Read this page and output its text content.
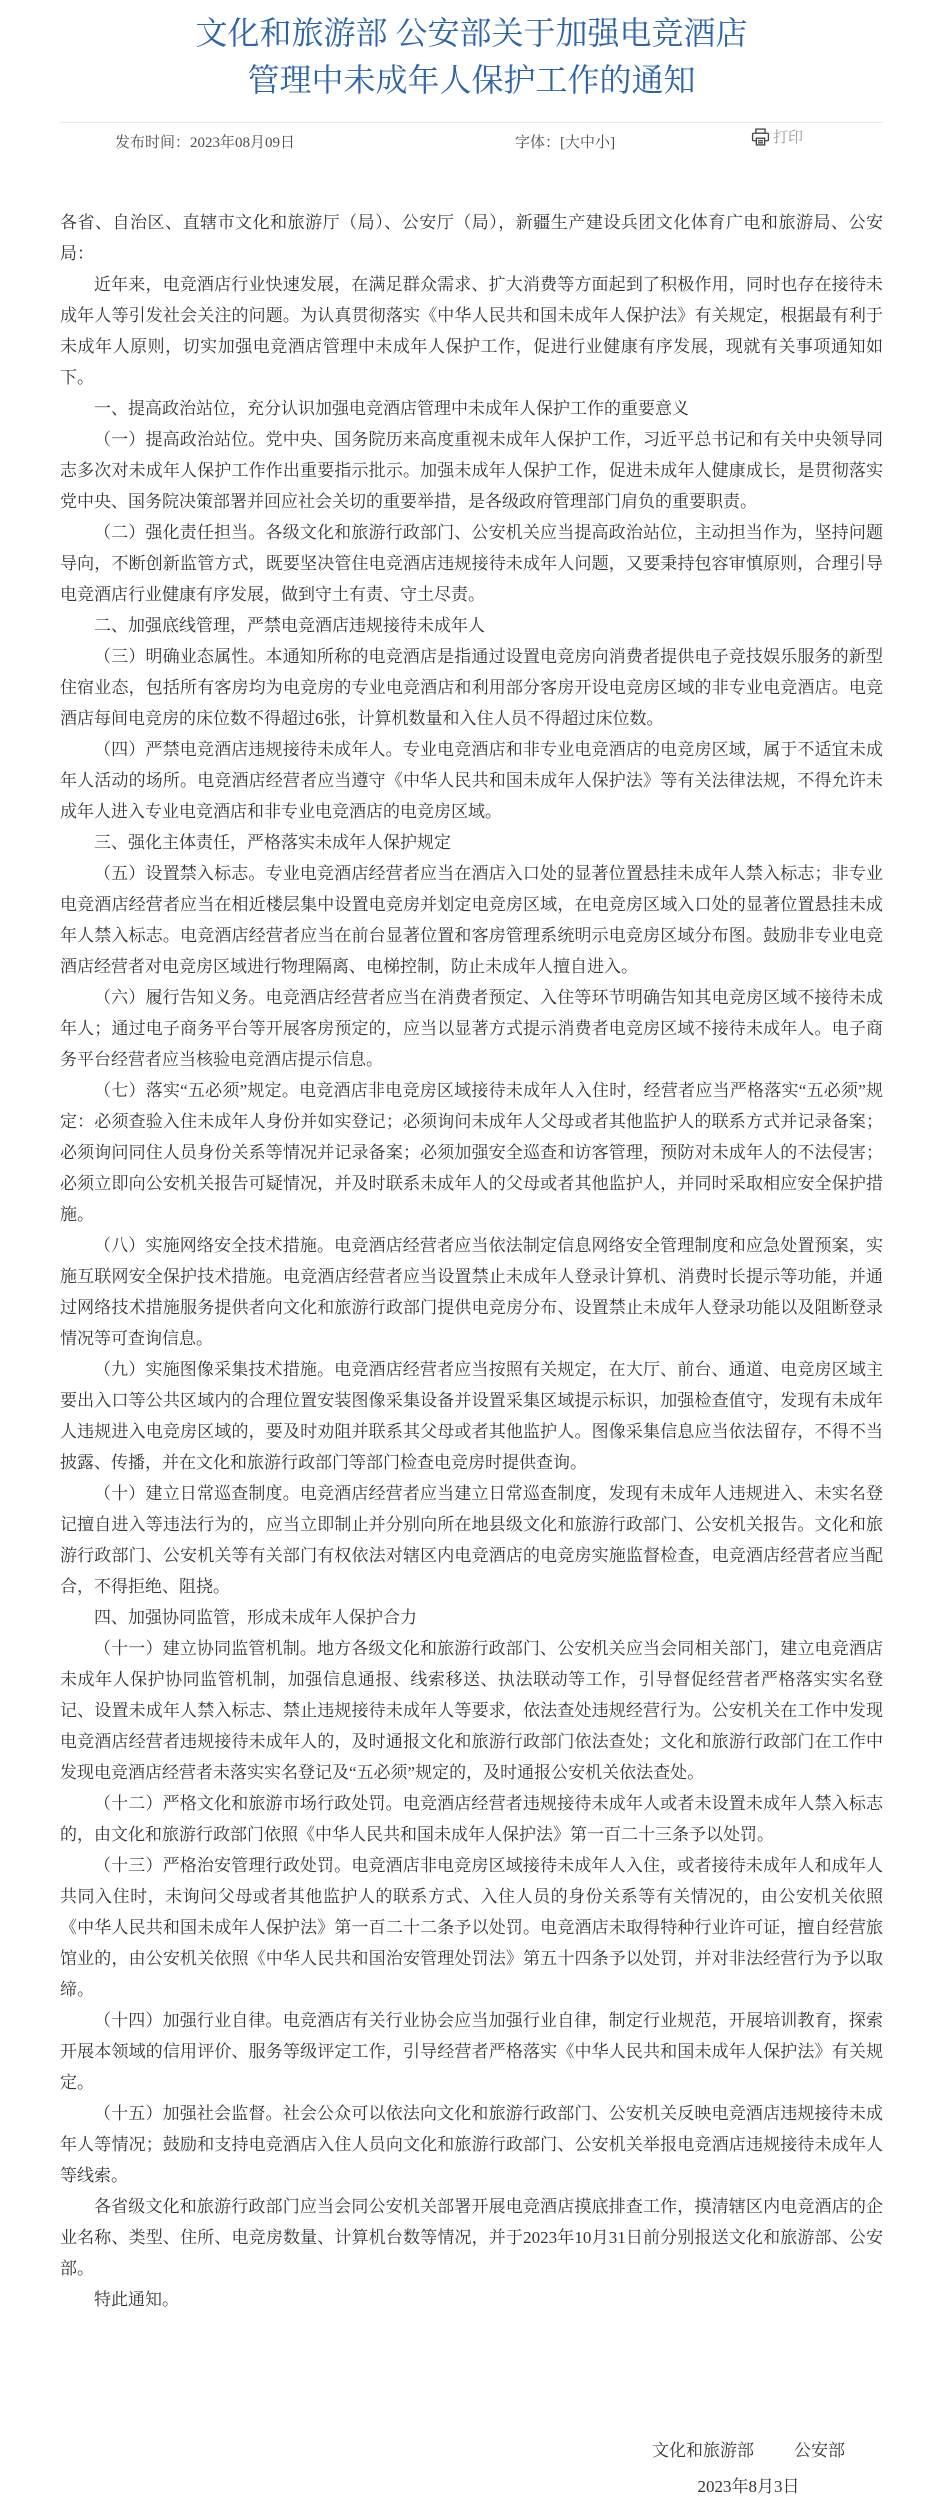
文化和旅游部 公安部关于加强电竞酒店
管理中未成年人保护工作的通知
发布时间：2023年08月09日	字体：[大中小]	打印

各省、自治区、直辖市文化和旅游厅（局）、公安厅（局），新疆生产建设兵团文化体育广电和旅游局、公安局：

近年来，电竞酒店行业快速发展，在满足群众需求、扩大消费等方面起到了积极作用，同时也存在接待未成年人等引发社会关注的问题。为认真贯彻落实《中华人民共和国未成年人保护法》有关规定，根据最有利于未成年人原则，切实加强电竞酒店管理中未成年人保护工作，促进行业健康有序发展，现就有关事项通知如下。

一、提高政治站位，充分认识加强电竞酒店管理中未成年人保护工作的重要意义

（一）提高政治站位。党中央、国务院历来高度重视未成年人保护工作，习近平总书记和有关中央领导同志多次对未成年人保护工作作出重要指示批示。加强未成年人保护工作，促进未成年人健康成长，是贯彻落实党中央、国务院决策部署并回应社会关切的重要举措，是各级政府管理部门肩负的重要职责。

（二）强化责任担当。各级文化和旅游行政部门、公安机关应当提高政治站位，主动担当作为，坚持问题导向，不断创新监管方式，既要坚决管住电竞酒店违规接待未成年人问题，又要秉持包容审慎原则，合理引导电竞酒店行业健康有序发展，做到守土有责、守土尽责。

二、加强底线管理，严禁电竞酒店违规接待未成年人

（三）明确业态属性。本通知所称的电竞酒店是指通过设置电竞房向消费者提供电子竞技娱乐服务的新型住宿业态，包括所有客房均为电竞房的专业电竞酒店和利用部分客房开设电竞房区域的非专业电竞酒店。电竞酒店每间电竞房的床位数不得超过6张，计算机数量和入住人员不得超过床位数。

（四）严禁电竞酒店违规接待未成年人。专业电竞酒店和非专业电竞酒店的电竞房区域，属于不适宜未成年人活动的场所。电竞酒店经营者应当遵守《中华人民共和国未成年人保护法》等有关法律法规，不得允许未成年人进入专业电竞酒店和非专业电竞酒店的电竞房区域。

三、强化主体责任，严格落实未成年人保护规定

（五）设置禁入标志。专业电竞酒店经营者应当在酒店入口处的显著位置悬挂未成年人禁入标志；非专业电竞酒店经营者应当在相近楼层集中设置电竞房并划定电竞房区域，在电竞房区域入口处的显著位置悬挂未成年人禁入标志。电竞酒店经营者应当在前台显著位置和客房管理系统明示电竞房区域分布图。鼓励非专业电竞酒店经营者对电竞房区域进行物理隔离、电梯控制，防止未成年人擅自进入。

（六）履行告知义务。电竞酒店经营者应当在消费者预定、入住等环节明确告知其电竞房区域不接待未成年人；通过电子商务平台等开展客房预定的，应当以显著方式提示消费者电竞房区域不接待未成年人。电子商务平台经营者应当核验电竞酒店提示信息。

（七）落实“五必须”规定。电竞酒店非电竞房区域接待未成年人入住时，经营者应当严格落实“五必须”规定：必须查验入住未成年人身份并如实登记；必须询问未成年人父母或者其他监护人的联系方式并记录备案；必须询问同住人员身份关系等情况并记录备案；必须加强安全巡查和访客管理，预防对未成年人的不法侵害；必须立即向公安机关报告可疑情况，并及时联系未成年人的父母或者其他监护人，并同时采取相应安全保护措施。

（八）实施网络安全技术措施。电竞酒店经营者应当依法制定信息网络安全管理制度和应急处置预案，实施互联网安全保护技术措施。电竞酒店经营者应当设置禁止未成年人登录计算机、消费时长提示等功能，并通过网络技术措施服务提供者向文化和旅游行政部门提供电竞房分布、设置禁止未成年人登录功能以及阻断登录情况等可查询信息。

（九）实施图像采集技术措施。电竞酒店经营者应当按照有关规定，在大厅、前台、通道、电竞房区域主要出入口等公共区域内的合理位置安装图像采集设备并设置采集区域提示标识，加强检查值守，发现有未成年人违规进入电竞房区域的，要及时劝阻并联系其父母或者其他监护人。图像采集信息应当依法留存，不得不当披露、传播，并在文化和旅游行政部门等部门检查电竞房时提供查询。

（十）建立日常巡查制度。电竞酒店经营者应当建立日常巡查制度，发现有未成年人违规进入、未实名登记擅自进入等违法行为的，应当立即制止并分别向所在地县级文化和旅游行政部门、公安机关报告。文化和旅游行政部门、公安机关等有关部门有权依法对辖区内电竞酒店的电竞房实施监督检查，电竞酒店经营者应当配合，不得拒绝、阻挠。

四、加强协同监管，形成未成年人保护合力

（十一）建立协同监管机制。地方各级文化和旅游行政部门、公安机关应当会同相关部门，建立电竞酒店未成年人保护协同监管机制，加强信息通报、线索移送、执法联动等工作，引导督促经营者严格落实实名登记、设置未成年人禁入标志、禁止违规接待未成年人等要求，依法查处违规经营行为。公安机关在工作中发现电竞酒店经营者违规接待未成年人的，及时通报文化和旅游行政部门依法查处；文化和旅游行政部门在工作中发现电竞酒店经营者未落实实名登记及“五必须”规定的，及时通报公安机关依法查处。

（十二）严格文化和旅游市场行政处罚。电竞酒店经营者违规接待未成年人或者未设置未成年人禁入标志的，由文化和旅游行政部门依照《中华人民共和国未成年人保护法》第一百二十三条予以处罚。

（十三）严格治安管理行政处罚。电竞酒店非电竞房区域接待未成年人入住，或者接待未成年人和成年人共同入住时，未询问父母或者其他监护人的联系方式、入住人员的身份关系等有关情况的，由公安机关依照《中华人民共和国未成年人保护法》第一百二十二条予以处罚。电竞酒店未取得特种行业许可证，擅自经营旅馆业的，由公安机关依照《中华人民共和国治安管理处罚法》第五十四条予以处罚，并对非法经营行为予以取缔。

（十四）加强行业自律。电竞酒店有关行业协会应当加强行业自律，制定行业规范，开展培训教育，探索开展本领域的信用评价、服务等级评定工作，引导经营者严格落实《中华人民共和国未成年人保护法》有关规定。

（十五）加强社会监督。社会公众可以依法向文化和旅游行政部门、公安机关反映电竞酒店违规接待未成年人等情况；鼓励和支持电竞酒店入住人员向文化和旅游行政部门、公安机关举报电竞酒店违规接待未成年人等线索。

各省级文化和旅游行政部门应当会同公安机关部署开展电竞酒店摸底排查工作，摸清辖区内电竞酒店的企业名称、类型、住所、电竞房数量、计算机台数等情况，并于2023年10月31日前分别报送文化和旅游部、公安部。

特此通知。

文化和旅游部 公安部
2023年8月3日
